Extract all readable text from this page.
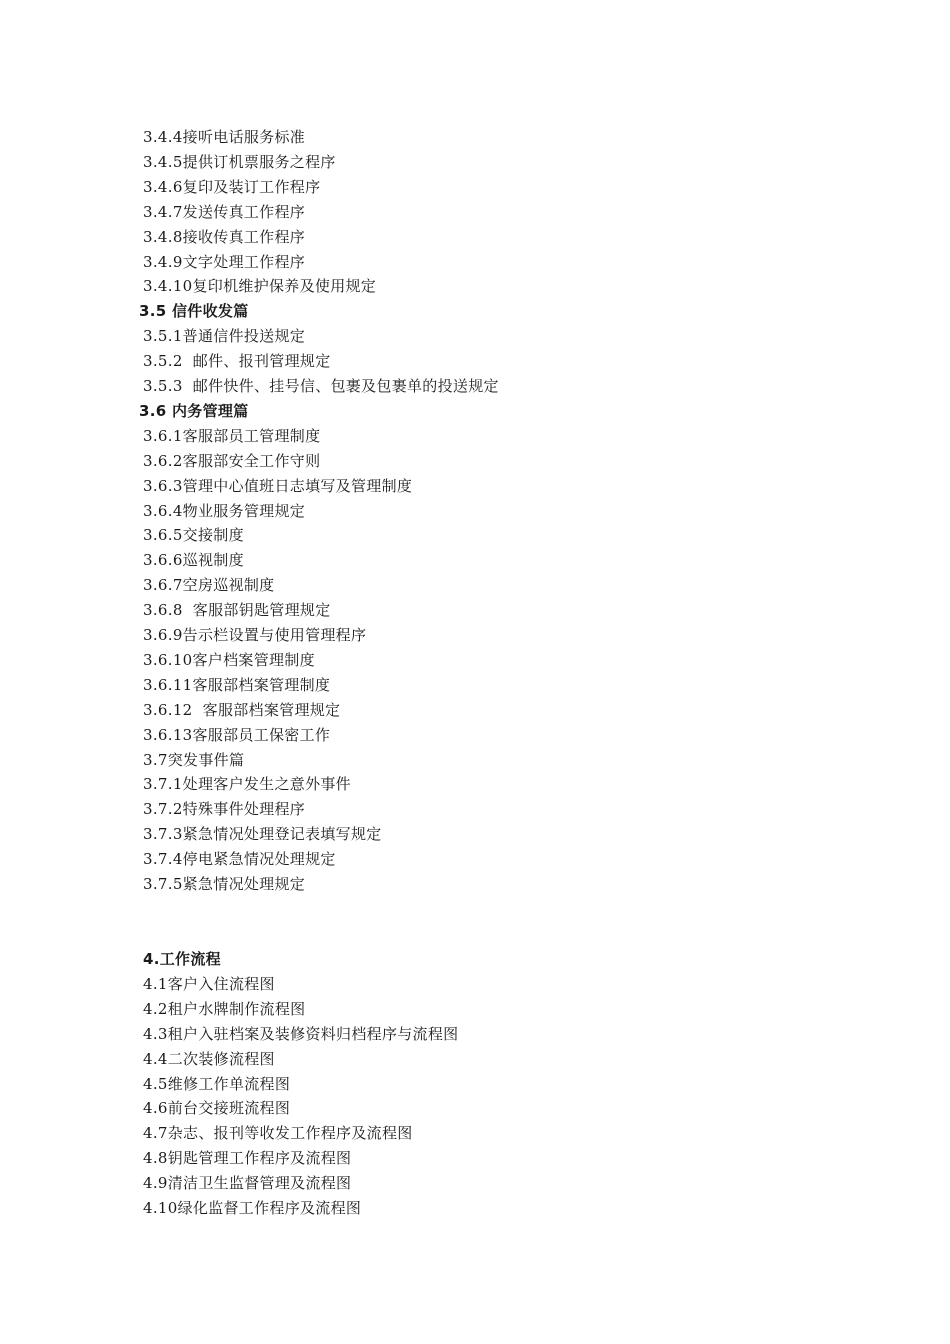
3.4.4接听电话服务标准
3.4.5提供订机票服务之程序
3.4.6复印及装订工作程序
3.4.7发送传真工作程序
3.4.8接收传真工作程序
3.4.9文字处理工作程序
3.4.10复印机维护保养及使用规定
3.5 信件收发篇
3.5.1普通信件投送规定
3.5.2  邮件、报刊管理规定
3.5.3  邮件快件、挂号信、包裹及包裹单的投送规定
3.6 内务管理篇
3.6.1客服部员工管理制度
3.6.2客服部安全工作守则
3.6.3管理中心值班日志填写及管理制度
3.6.4物业服务管理规定
3.6.5交接制度
3.6.6巡视制度
3.6.7空房巡视制度
3.6.8  客服部钥匙管理规定
3.6.9告示栏设置与使用管理程序
3.6.10客户档案管理制度
3.6.11客服部档案管理制度
3.6.12  客服部档案管理规定
3.6.13客服部员工保密工作
3.7突发事件篇
3.7.1处理客户发生之意外事件
3.7.2特殊事件处理程序
3.7.3紧急情况处理登记表填写规定
3.7.4停电紧急情况处理规定
3.7.5紧急情况处理规定
4.工作流程
4.1客户入住流程图
4.2租户水牌制作流程图
4.3租户入驻档案及装修资料归档程序与流程图
4.4二次装修流程图
4.5维修工作单流程图
4.6前台交接班流程图
4.7杂志、报刊等收发工作程序及流程图
4.8钥匙管理工作程序及流程图
4.9清洁卫生监督管理及流程图
4.10绿化监督工作程序及流程图
